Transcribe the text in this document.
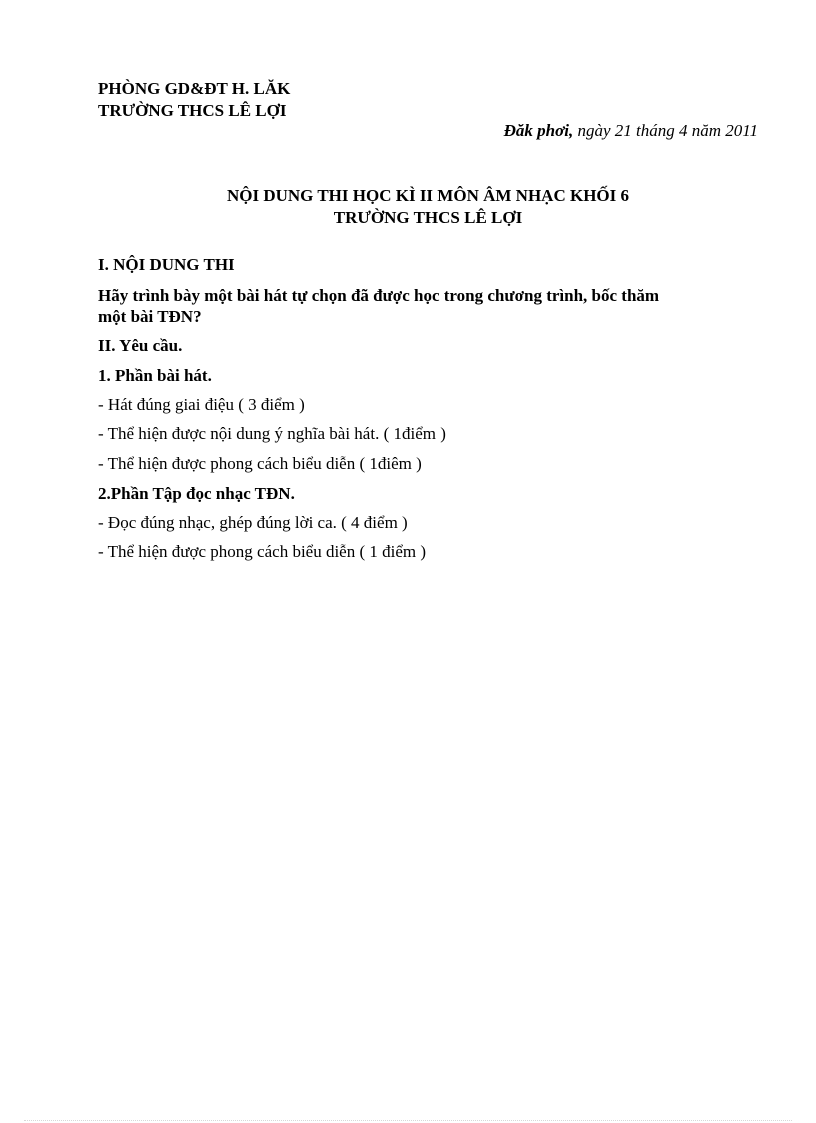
PHÒNG GD&ĐT H. LĂK
TRƯỜNG THCS LÊ LỢI
Đăk phơi, ngày 21 tháng 4 năm 2011
NỘI DUNG THI HỌC KÌ II MÔN ÂM NHẠC KHỐI 6
TRƯỜNG THCS LÊ LỢI
I. NỘI DUNG THI
Hãy trình bày một bài hát tự chọn đã được học trong chương trình, bốc thăm
một bài TĐN?
II. Yêu cầu.
1. Phần bài hát.
- Hát đúng giai điệu ( 3 điểm )
- Thể hiện được nội dung ý nghĩa bài hát. ( 1điểm )
- Thể hiện được phong cách biểu diễn ( 1điêm )
2.Phần Tập đọc nhạc TĐN.
- Đọc đúng nhạc, ghép đúng lời ca. ( 4 điểm )
- Thể hiện được phong cách biểu diễn ( 1 điểm )
